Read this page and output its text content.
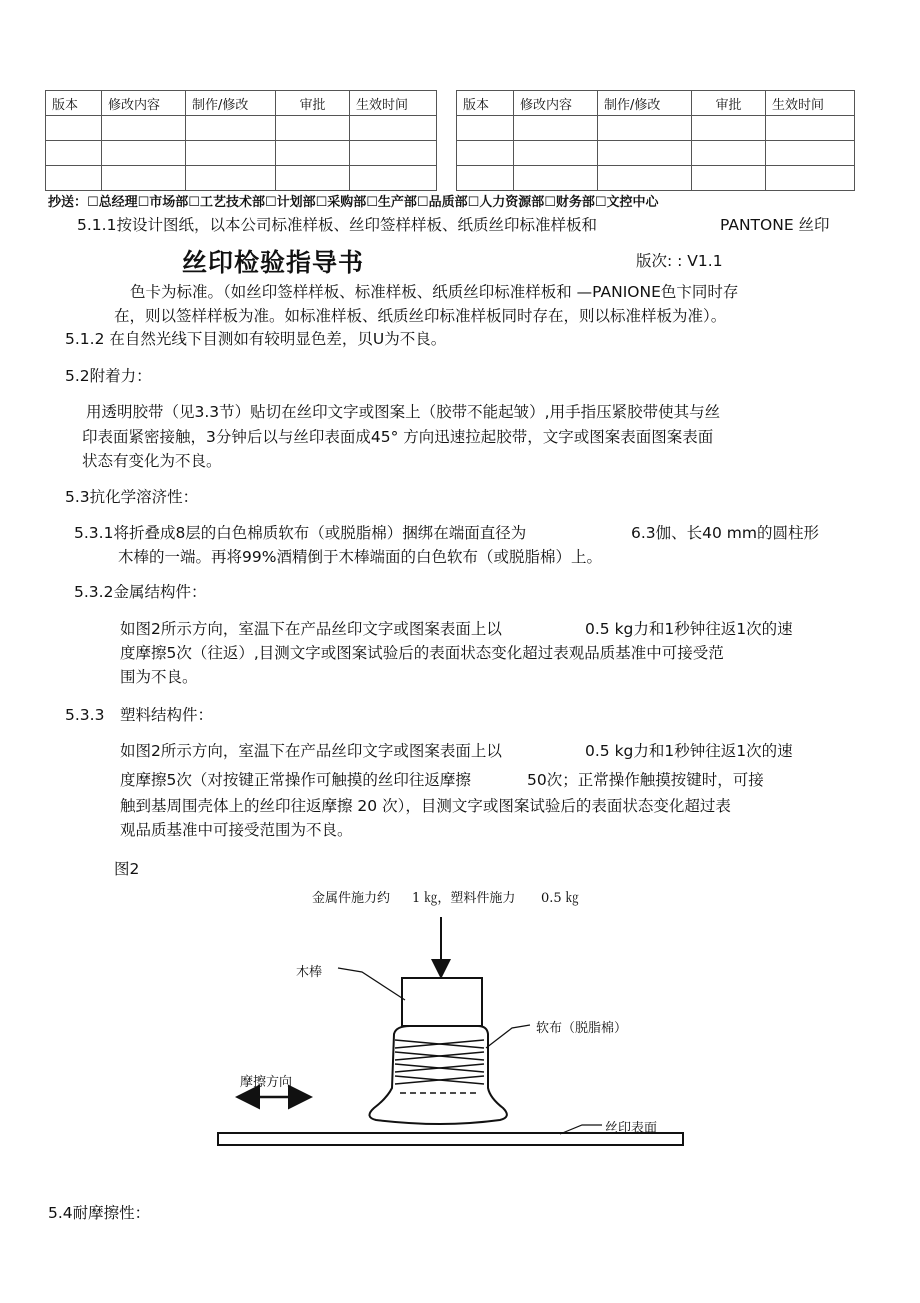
版本	修改内容	制作/修改	审批	生效时间

					版本	修改内容	制作/修改	审批	生效时间

抄送：☐总经理☐市场部☐工艺技术部☐计划部☐采购部☐生产部☐品质部☐人力资源部☐财务部☐文控中心
5.1.1按设计图纸，以本公司标准样板、丝印签样样板、纸质丝印标准样板和	PANTONE 丝印
丝印检验指导书	版次: : V1.1
色卡为标准。（如丝印签样样板、标准样板、纸质丝印标准样板和 —PANIONE色卞同时存
在，则以签样样板为准。如标准样板、纸质丝印标准样板同时存在，则以标准样板为准）。
5.1.2 在自然光线下目测如有较明显色差，贝U为不良。
5.2附着力：
用透明胶带（见3.3节）贴切在丝印文字或图案上（胶带不能起皱）,用手指压紧胶带使其与丝
印表面紧密接触，3分钟后以与丝印表面成45° 方向迅速拉起胶带，文字或图案表面图案表面
状态有变化为不良。
5.3抗化学溶济性：
5.3.1将折叠成8层的白色棉质软布（或脱脂棉）捆绑在端面直径为	6.3伽、长40 mm的圆柱形
木棒的一端。再将99%酒精倒于木棒端面的白色软布（或脱脂棉）上。
5.3.2金属结构件：
如图2所示方向，室温下在产品丝印文字或图案表面上以	0.5 kg力和1秒钟往返1次的速
度摩擦5次（往返）,目测文字或图案试验后的表面状态变化超过表观品质基准中可接受范
围为不良。
5.3.3　塑料结构件：
如图2所示方向，室温下在产品丝印文字或图案表面上以	0.5 kg力和1秒钟往返1次的速
度摩擦5次（对按键正常操作可触摸的丝印往返摩擦	50次；正常操作触摸按键时，可接
触到基周围壳体上的丝印往返摩擦 20 次），目测文字或图案试验后的表面状态变化超过表
观品质基准中可接受范围为不良。
图2
金属件施力约 1 ㎏，塑料件施力 0.5 ㎏
木棒
软布（脱脂棉）
摩擦方向
丝印表面
5.4耐摩擦性：
